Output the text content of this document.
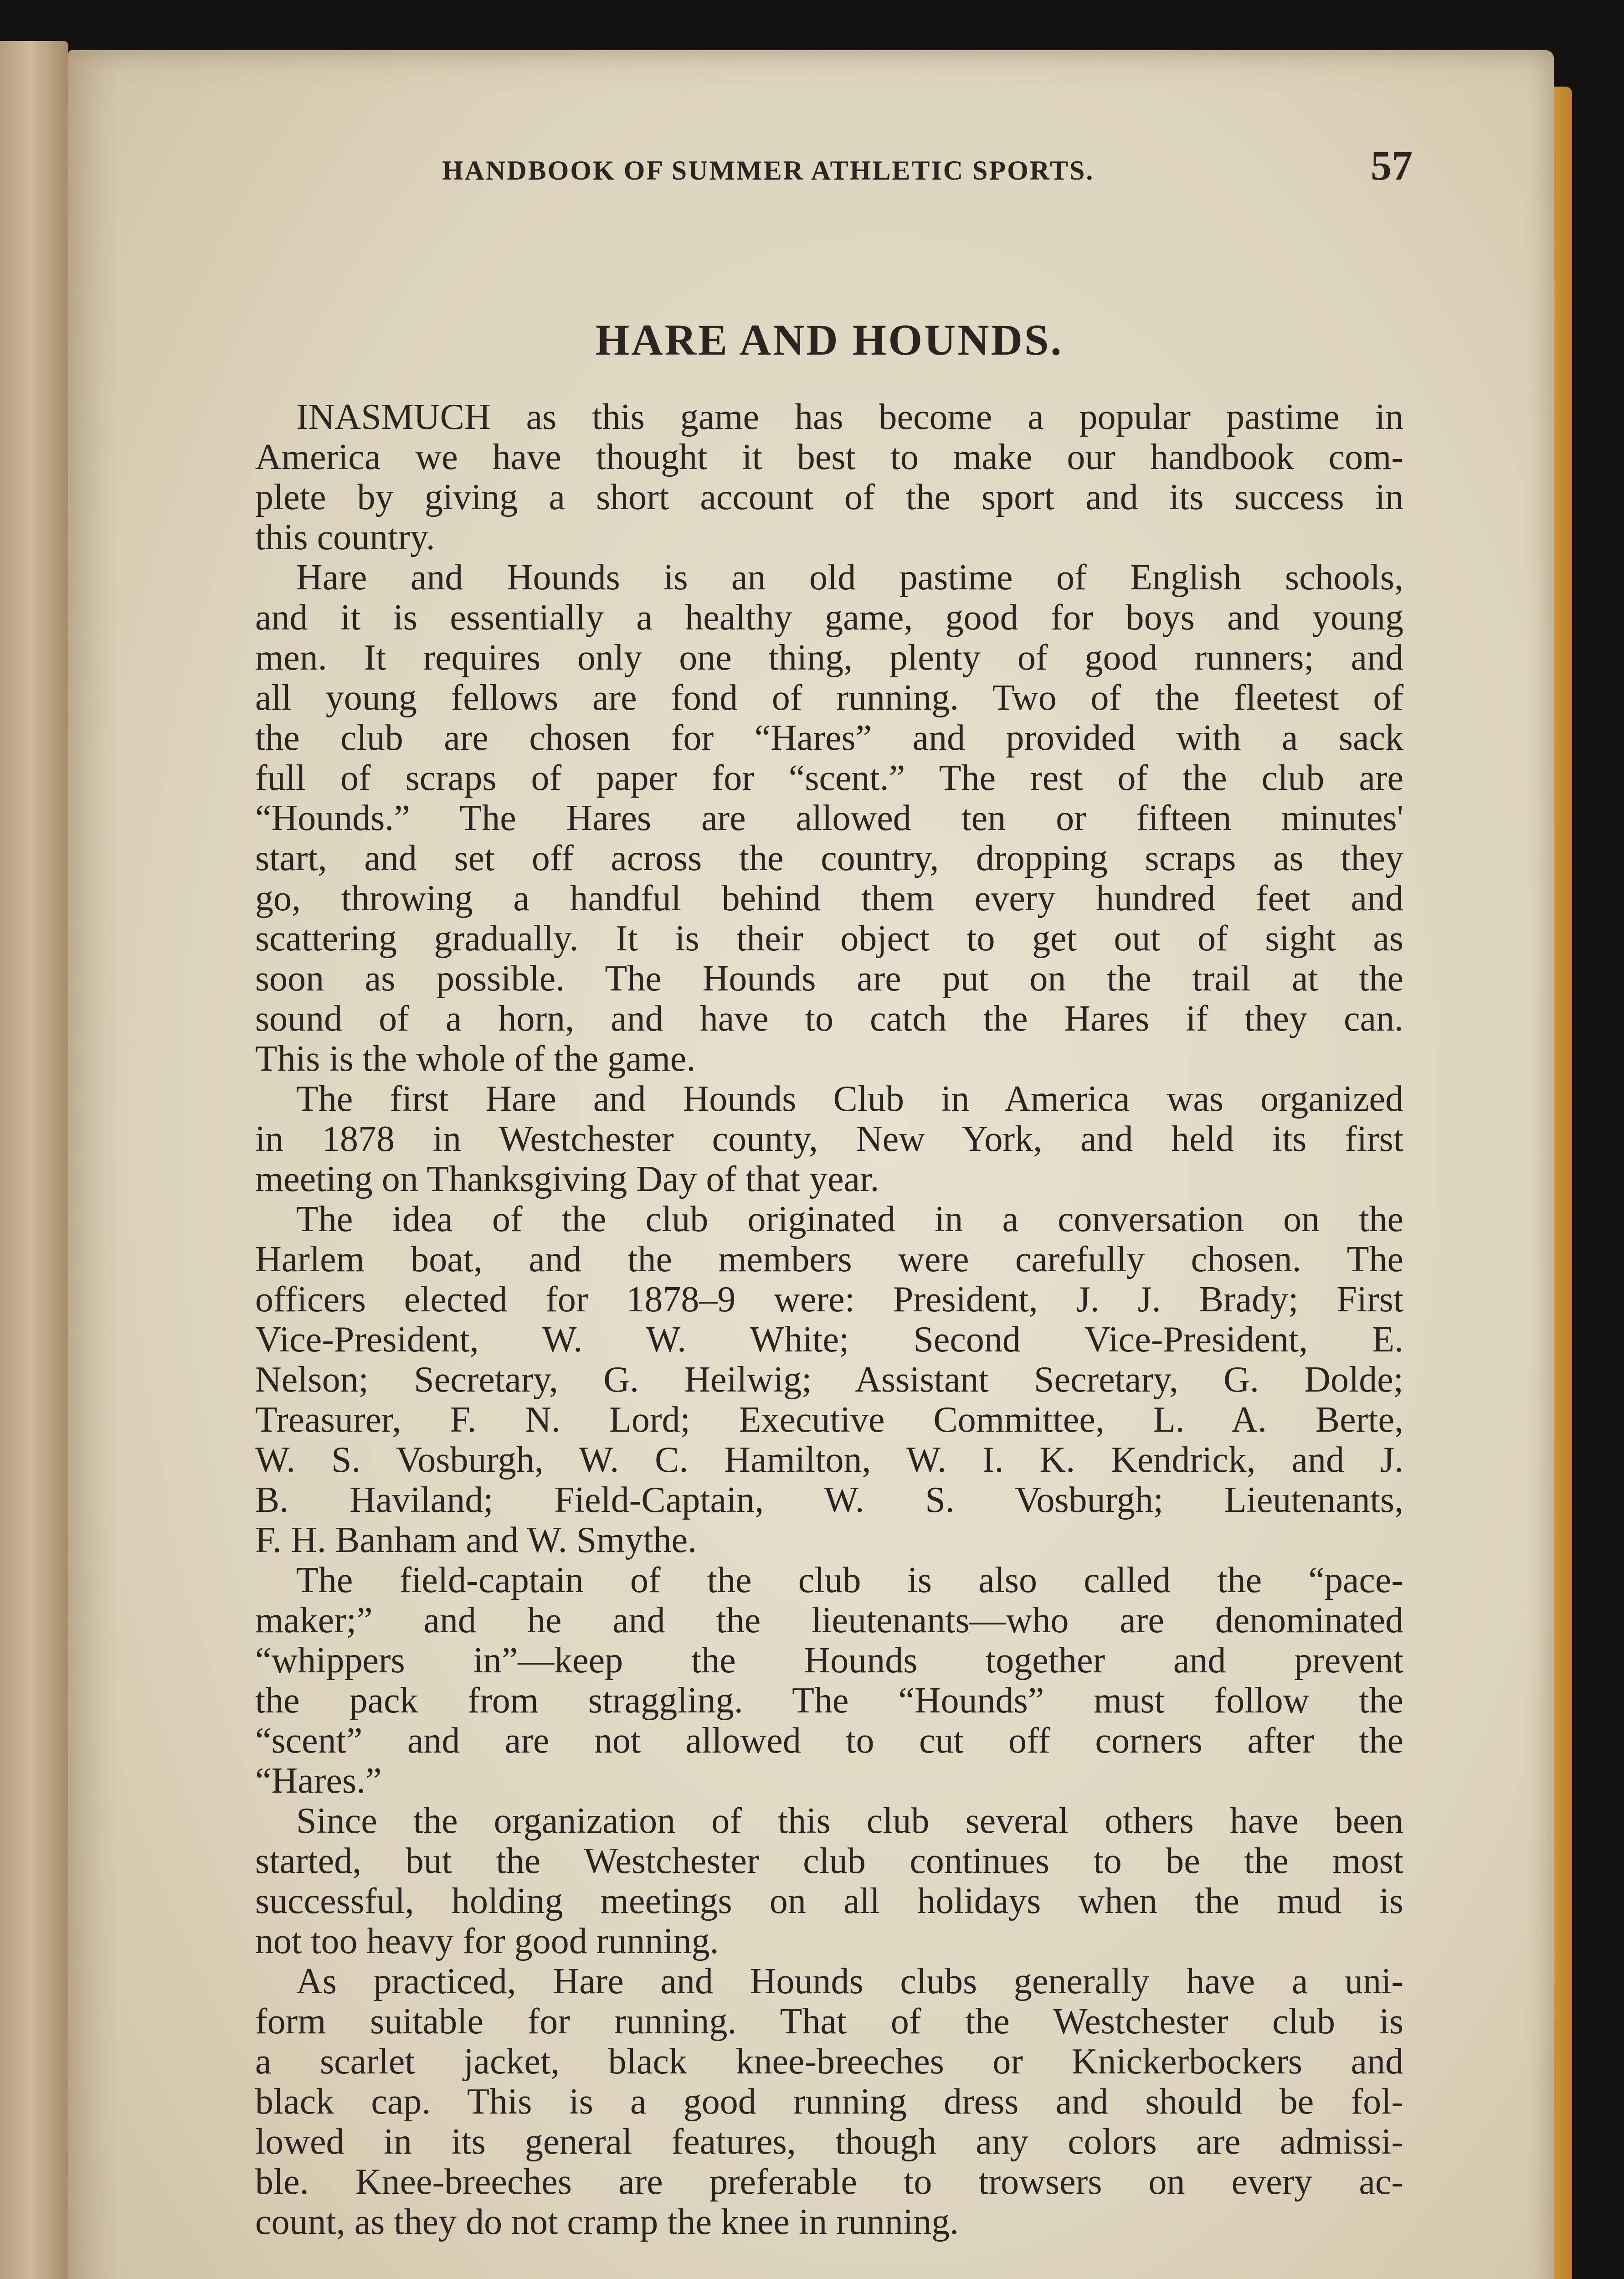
HANDBOOK OF SUMMER ATHLETIC SPORTS.	57
HARE AND HOUNDS.
INASMUCH as this game has become a popular pastime in
America we have thought it best to make our handbook com-
plete by giving a short account of the sport and its success in
this country.
Hare and Hounds is an old pastime of English schools,
and it is essentially a healthy game, good for boys and young
men. It requires only one thing, plenty of good runners; and
all young fellows are fond of running. Two of the fleetest of
the club are chosen for “Hares” and provided with a sack
full of scraps of paper for “scent.” The rest of the club are
“Hounds.” The Hares are allowed ten or fifteen minutes'
start, and set off across the country, dropping scraps as they
go, throwing a handful behind them every hundred feet and
scattering gradually. It is their object to get out of sight as
soon as possible. The Hounds are put on the trail at the
sound of a horn, and have to catch the Hares if they can.
This is the whole of the game.
The first Hare and Hounds Club in America was organized
in 1878 in Westchester county, New York, and held its first
meeting on Thanksgiving Day of that year.
The idea of the club originated in a conversation on the
Harlem boat, and the members were carefully chosen. The
officers elected for 1878–9 were: President, J. J. Brady; First
Vice-President, W. W. White; Second Vice-President, E.
Nelson; Secretary, G. Heilwig; Assistant Secretary, G. Dolde;
Treasurer, F. N. Lord; Executive Committee, L. A. Berte,
W. S. Vosburgh, W. C. Hamilton, W. I. K. Kendrick, and J.
B. Haviland; Field-Captain, W. S. Vosburgh; Lieutenants,
F. H. Banham and W. Smythe.
The field-captain of the club is also called the “pace-
maker;” and he and the lieutenants—who are denominated
“whippers in”—keep the Hounds together and prevent
the pack from straggling. The “Hounds” must follow the
“scent” and are not allowed to cut off corners after the
“Hares.”
Since the organization of this club several others have been
started, but the Westchester club continues to be the most
successful, holding meetings on all holidays when the mud is
not too heavy for good running.
As practiced, Hare and Hounds clubs generally have a uni-
form suitable for running. That of the Westchester club is
a scarlet jacket, black knee-breeches or Knickerbockers and
black cap. This is a good running dress and should be fol-
lowed in its general features, though any colors are admissi-
ble. Knee-breeches are preferable to trowsers on every ac-
count, as they do not cramp the knee in running.
